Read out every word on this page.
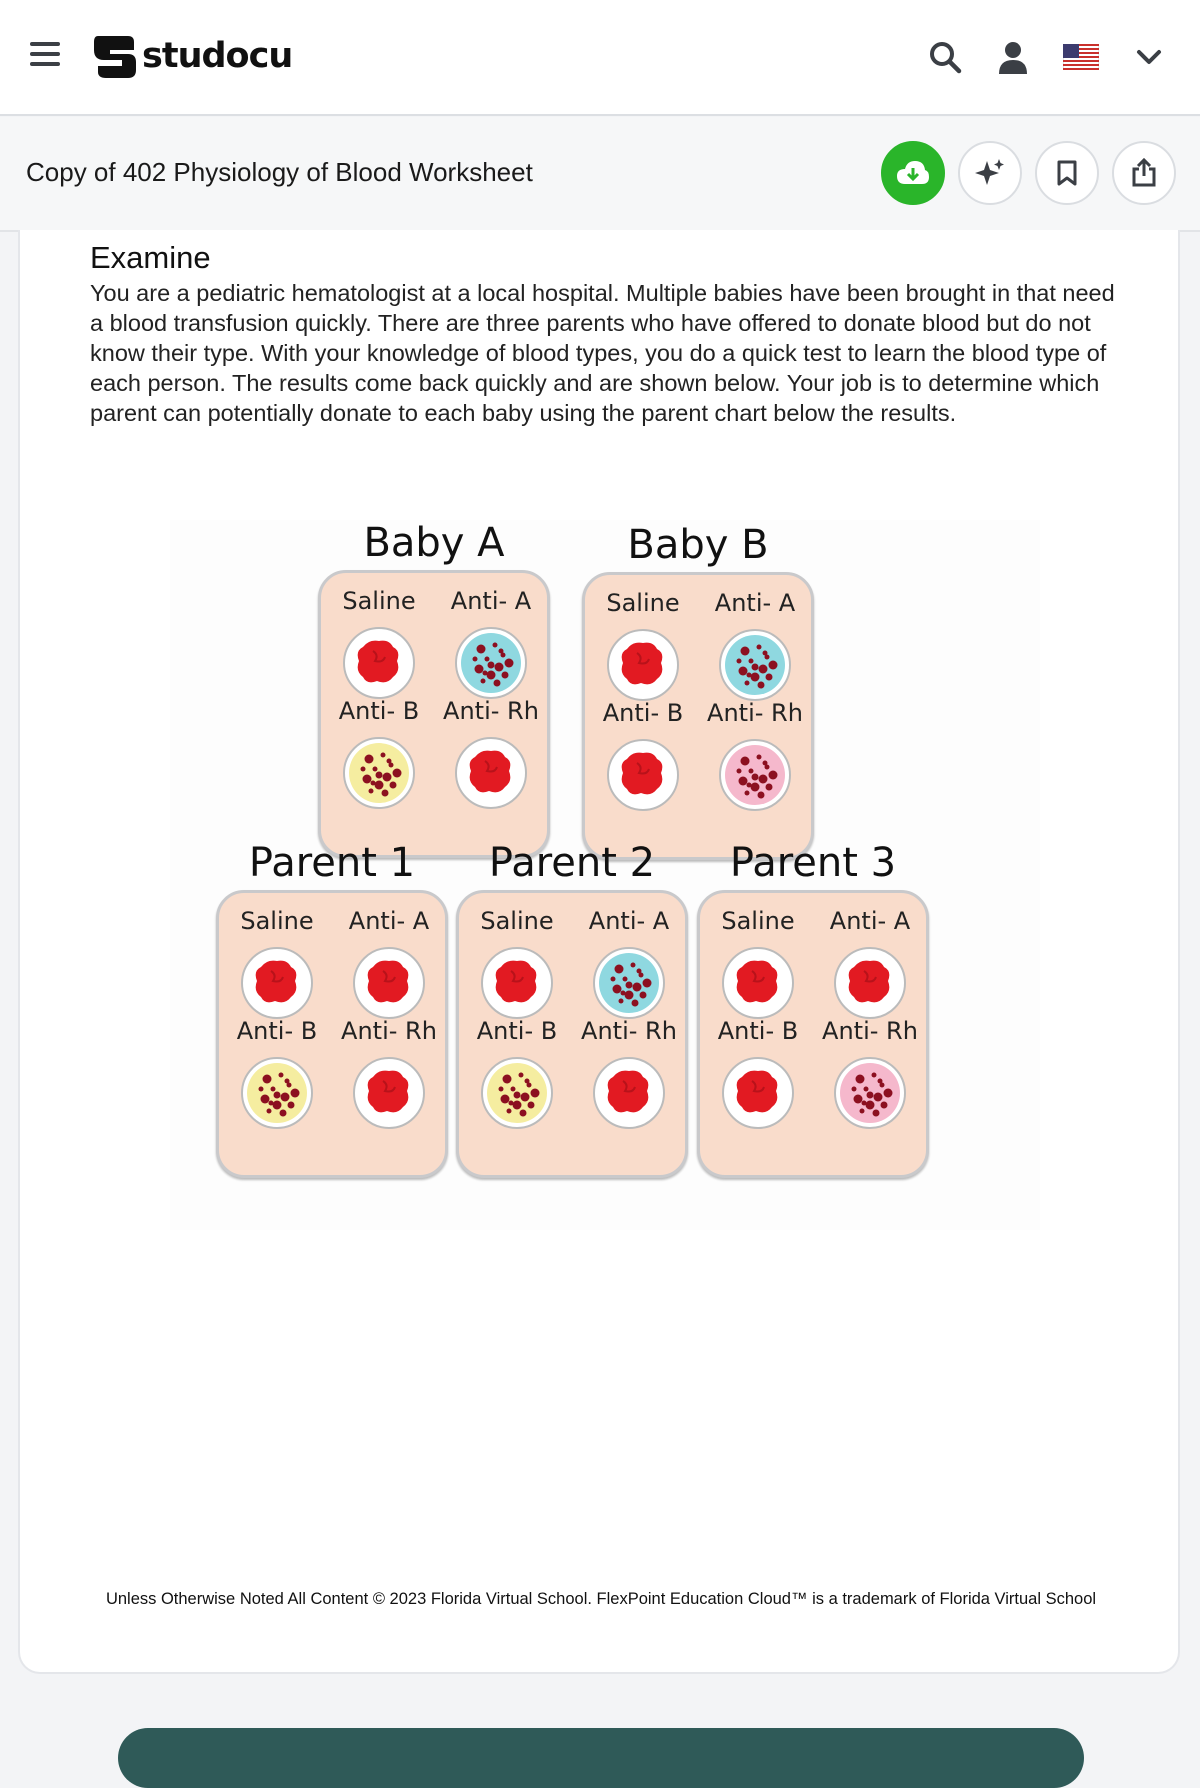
studocu
Copy of 402 Physiology of Blood Worksheet
Examine
You are a pediatric hematologist at a local hospital. Multiple babies have been brought in that need a blood transfusion quickly. There are three parents who have offered to donate blood but do not know their type. With your knowledge of blood types, you do a quick test to learn the blood type of each person. The results come back quickly and are shown below. Your job is to determine which parent can potentially donate to each baby using the parent chart below the results.
Baby A
Saline	Anti- A
Anti- B Anti- Rh
Baby B
Saline	Anti- A
Anti- B Anti- Rh
Parent 1
Saline	Anti- A
Anti- B Anti- Rh
Parent 2
Saline	Anti- A
Anti- B Anti- Rh
Parent 3
Saline	Anti- A
Anti- B Anti- Rh
Unless Otherwise Noted All Content © 2023 Florida Virtual School. FlexPoint Education Cloud™ is a trademark of Florida Virtual School
